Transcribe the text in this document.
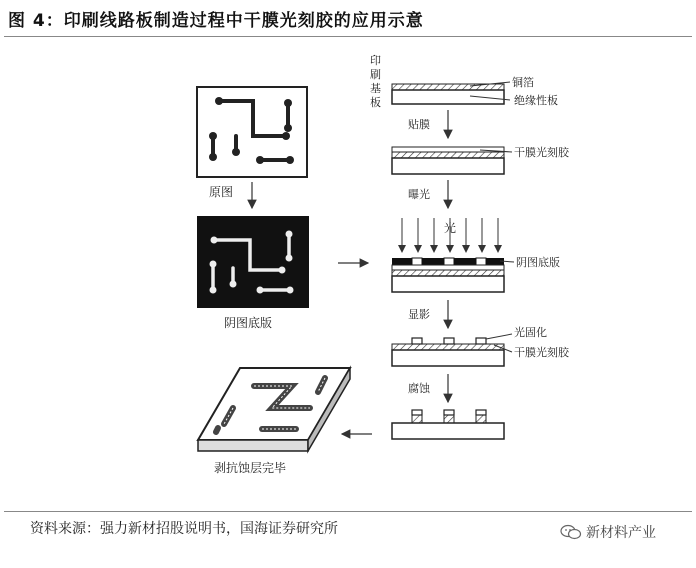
图 4：印刷线路板制造过程中干膜光刻胶的应用示意
原图
阴图底版
剥抗蚀层完毕
印
刷
基
板
铜箔
绝缘性板
贴膜
干膜光刻胶
曝光
光
阴图底版
显影
光固化
干膜光刻胶
腐蚀
资料来源：强力新材招股说明书，国海证券研究所	新材料产业
